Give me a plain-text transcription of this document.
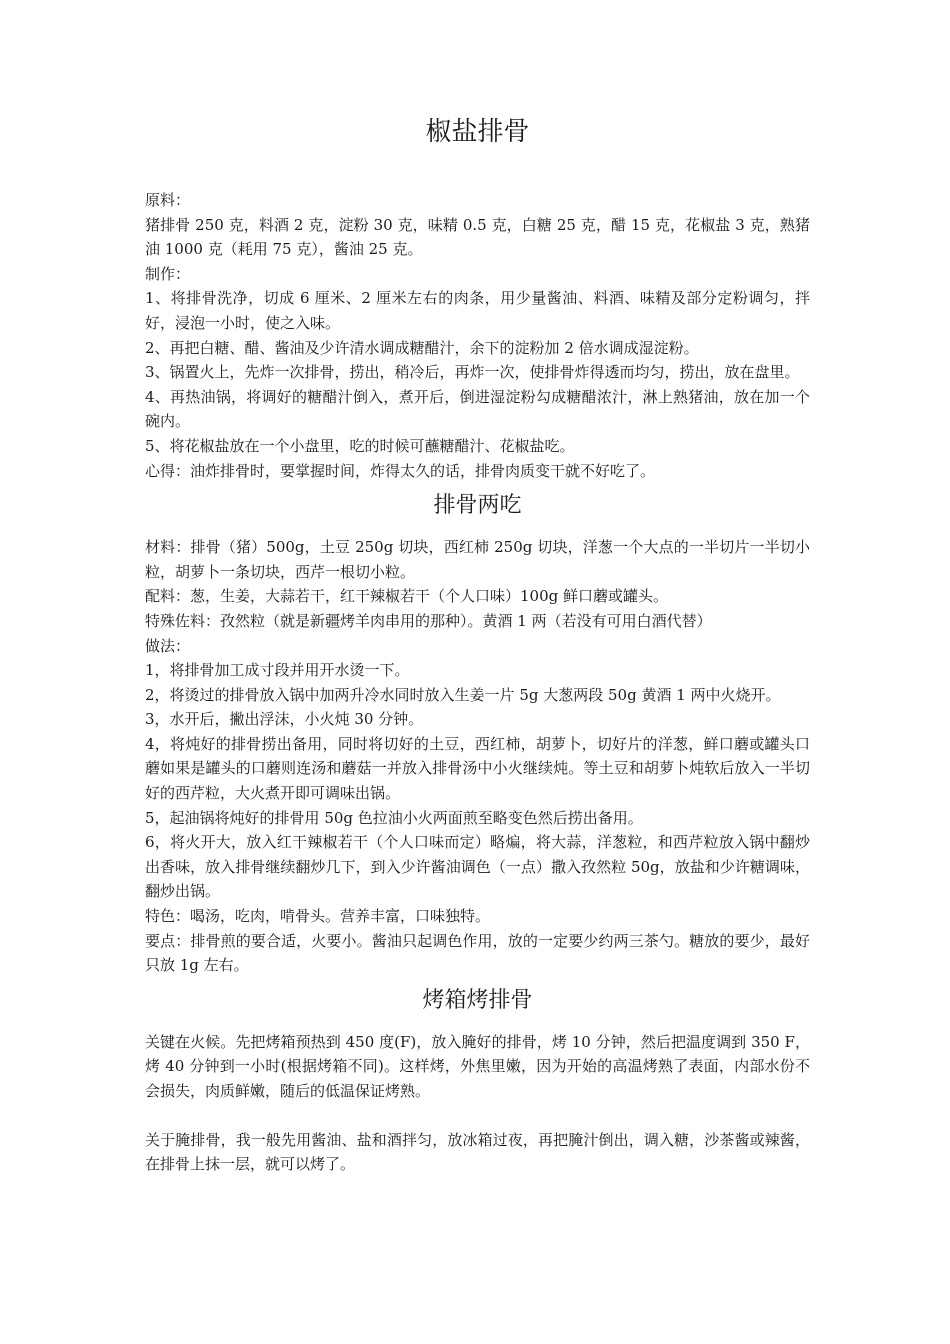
椒盐排骨

原料：

猪排骨 250 克，料酒 2 克，淀粉 30 克，味精 0.5 克，白糖 25 克，醋 15 克，花椒盐 3 克，熟猪油 1000 克（耗用 75 克），酱油 25 克。

制作：

1、将排骨洗净，切成 6 厘米、2 厘米左右的肉条，用少量酱油、料酒、味精及部分定粉调匀，拌好，浸泡一小时，使之入味。

2、再把白糖、醋、酱油及少许清水调成糖醋汁，余下的淀粉加 2 倍水调成湿淀粉。

3、锅置火上，先炸一次排骨，捞出，稍冷后，再炸一次，使排骨炸得透而均匀，捞出，放在盘里。

4、再热油锅，将调好的糖醋汁倒入，煮开后，倒进湿淀粉勾成糖醋浓汁，淋上熟猪油，放在加一个碗内。

5、将花椒盐放在一个小盘里，吃的时候可蘸糖醋汁、花椒盐吃。

心得：油炸排骨时，要掌握时间，炸得太久的话，排骨肉质变干就不好吃了。

排骨两吃

材料：排骨（猪）500g，土豆 250g 切块，西红柿 250g 切块，洋葱一个大点的一半切片一半切小粒，胡萝卜一条切块，西芹一根切小粒。

配料：葱，生姜，大蒜若干，红干辣椒若干（个人口味）100g 鲜口蘑或罐头。

特殊佐料：孜然粒（就是新疆烤羊肉串用的那种）。黄酒 1 两（若没有可用白酒代替）

做法：

1，将排骨加工成寸段并用开水烫一下。

2，将烫过的排骨放入锅中加两升冷水同时放入生姜一片 5g 大葱两段 50g 黄酒 1 两中火烧开。

3，水开后，撇出浮沫，小火炖 30 分钟。

4，将炖好的排骨捞出备用，同时将切好的土豆，西红柿，胡萝卜，切好片的洋葱，鲜口蘑或罐头口蘑如果是罐头的口蘑则连汤和蘑菇一并放入排骨汤中小火继续炖。等土豆和胡萝卜炖软后放入一半切好的西芹粒，大火煮开即可调味出锅。

5，起油锅将炖好的排骨用 50g 色拉油小火两面煎至略变色然后捞出备用。

6，将火开大，放入红干辣椒若干（个人口味而定）略煸，将大蒜，洋葱粒，和西芹粒放入锅中翻炒出香味，放入排骨继续翻炒几下，到入少许酱油调色（一点）撒入孜然粒 50g，放盐和少许糖调味，翻炒出锅。

特色：喝汤，吃肉，啃骨头。营养丰富，口味独特。

要点：排骨煎的要合适，火要小。酱油只起调色作用，放的一定要少约两三茶勺。糖放的要少，最好只放 1g 左右。

烤箱烤排骨

关键在火候。先把烤箱预热到 450 度(F)，放入腌好的排骨，烤 10 分钟，然后把温度调到 350 F，烤 40 分钟到一小时(根据烤箱不同)。这样烤，外焦里嫩，因为开始的高温烤熟了表面，内部水份不会损失，肉质鲜嫩，随后的低温保证烤熟。

关于腌排骨，我一般先用酱油、盐和酒拌匀，放冰箱过夜，再把腌汁倒出，调入糖，沙茶酱或辣酱，在排骨上抹一层，就可以烤了。
